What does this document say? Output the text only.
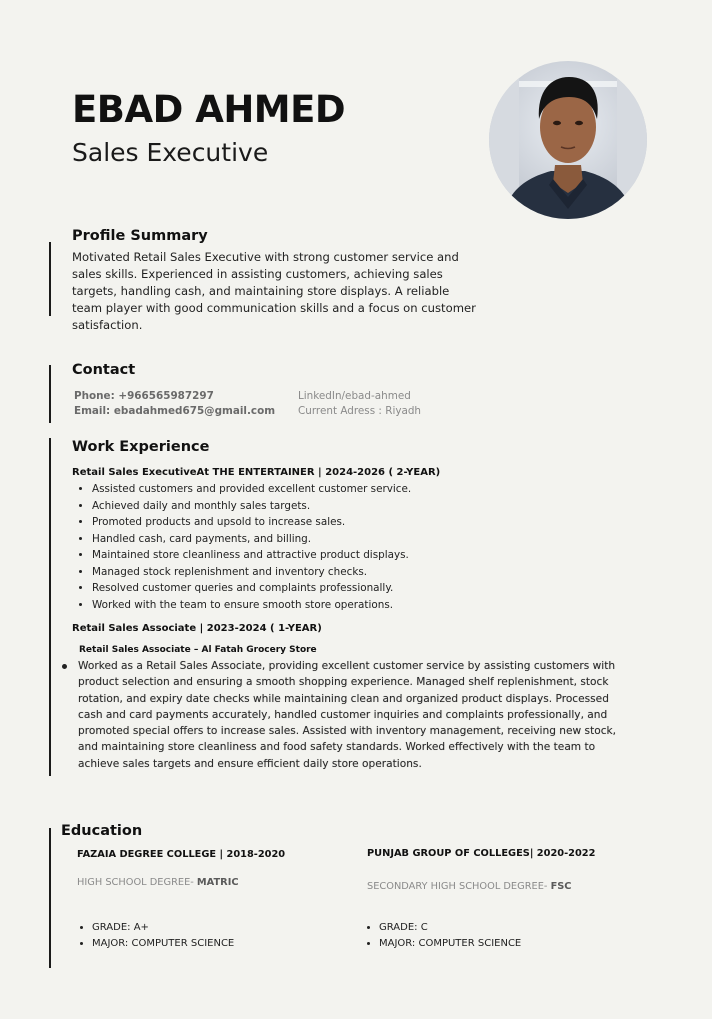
EBAD AHMED
Sales Executive
Profile Summary

Motivated Retail Sales Executive with strong customer service and sales skills. Experienced in assisting customers, achieving sales targets, handling cash, and maintaining store displays. A reliable team player with good communication skills and a focus on customer satisfaction.

Contact
Phone: +966565987297
Email: ebadahmed675@gmail.com
LinkedIn/ebad-ahmed
Current Adress : Riyadh
Work Experience
Retail Sales ExecutiveAt THE ENTERTAINER | 2024-2026 ( 2-YEAR)
• Assisted customers and provided excellent customer service.
• Achieved daily and monthly sales targets.
• Promoted products and upsold to increase sales.
• Handled cash, card payments, and billing.
• Maintained store cleanliness and attractive product displays.
• Managed stock replenishment and inventory checks.
• Resolved customer queries and complaints professionally.
• Worked with the team to ensure smooth store operations.
Retail Sales Associate | 2023-2024 ( 1-YEAR)
Retail Sales Associate – Al Fatah Grocery Store

Worked as a Retail Sales Associate, providing excellent customer service by assisting customers with product selection and ensuring a smooth shopping experience. Managed shelf replenishment, stock rotation, and expiry date checks while maintaining clean and organized product displays. Processed cash and card payments accurately, handled customer inquiries and complaints professionally, and promoted special offers to increase sales. Assisted with inventory management, receiving new stock, and maintaining store cleanliness and food safety standards. Worked effectively with the team to achieve sales targets and ensure efficient daily store operations.

Education
FAZAIA DEGREE COLLEGE | 2018-2020
HIGH SCHOOL DEGREE- MATRIC
• GRADE: A+
• MAJOR: COMPUTER SCIENCE
PUNJAB GROUP OF COLLEGES| 2020-2022
SECONDARY HIGH SCHOOL DEGREE- FSC
• GRADE: C
• MAJOR: COMPUTER SCIENCE
